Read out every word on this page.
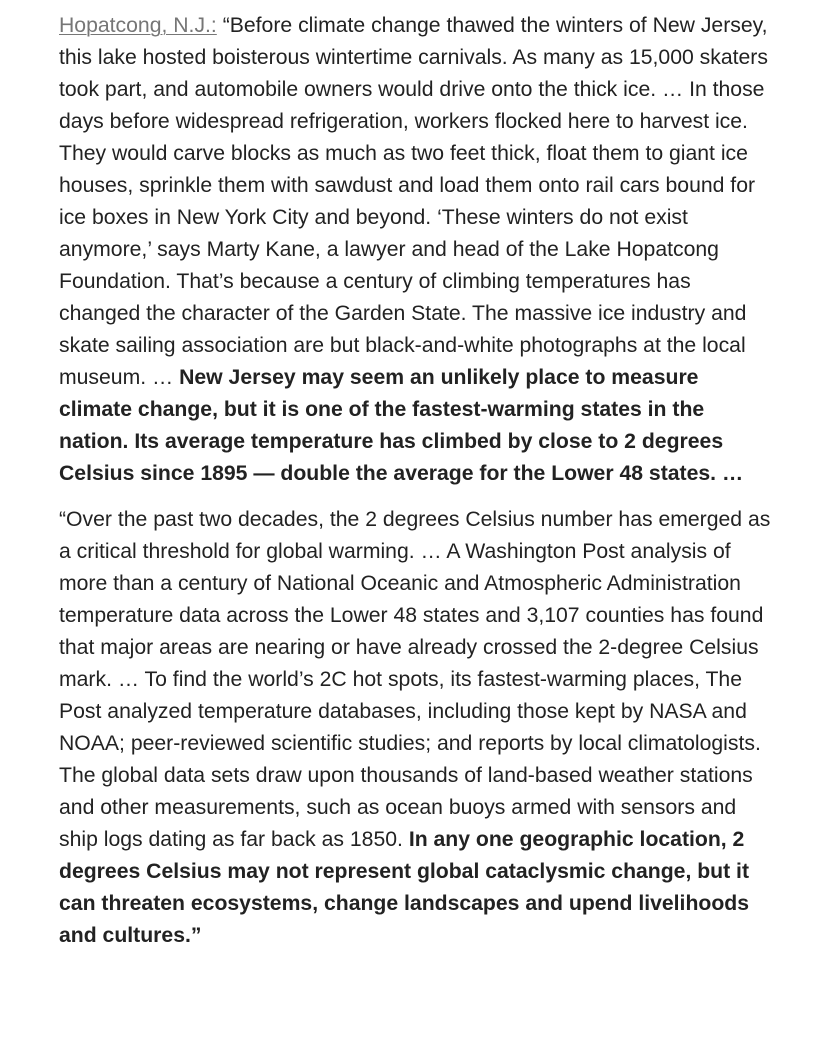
Hopatcong, N.J.: “Before climate change thawed the winters of New Jersey, this lake hosted boisterous wintertime carnivals. As many as 15,000 skaters took part, and automobile owners would drive onto the thick ice. … In those days before widespread refrigeration, workers flocked here to harvest ice. They would carve blocks as much as two feet thick, float them to giant ice houses, sprinkle them with sawdust and load them onto rail cars bound for ice boxes in New York City and beyond. ‘These winters do not exist anymore,’ says Marty Kane, a lawyer and head of the Lake Hopatcong Foundation. That’s because a century of climbing temperatures has changed the character of the Garden State. The massive ice industry and skate sailing association are but black-and-white photographs at the local museum. … New Jersey may seem an unlikely place to measure climate change, but it is one of the fastest-warming states in the nation. Its average temperature has climbed by close to 2 degrees Celsius since 1895 — double the average for the Lower 48 states. …

“Over the past two decades, the 2 degrees Celsius number has emerged as a critical threshold for global warming. … A Washington Post analysis of more than a century of National Oceanic and Atmospheric Administration temperature data across the Lower 48 states and 3,107 counties has found that major areas are nearing or have already crossed the 2-degree Celsius mark. … To find the world’s 2C hot spots, its fastest-warming places, The Post analyzed temperature databases, including those kept by NASA and NOAA; peer-reviewed scientific studies; and reports by local climatologists. The global data sets draw upon thousands of land-based weather stations and other measurements, such as ocean buoys armed with sensors and ship logs dating as far back as 1850. In any one geographic location, 2 degrees Celsius may not represent global cataclysmic change, but it can threaten ecosystems, change landscapes and upend livelihoods and cultures.”
